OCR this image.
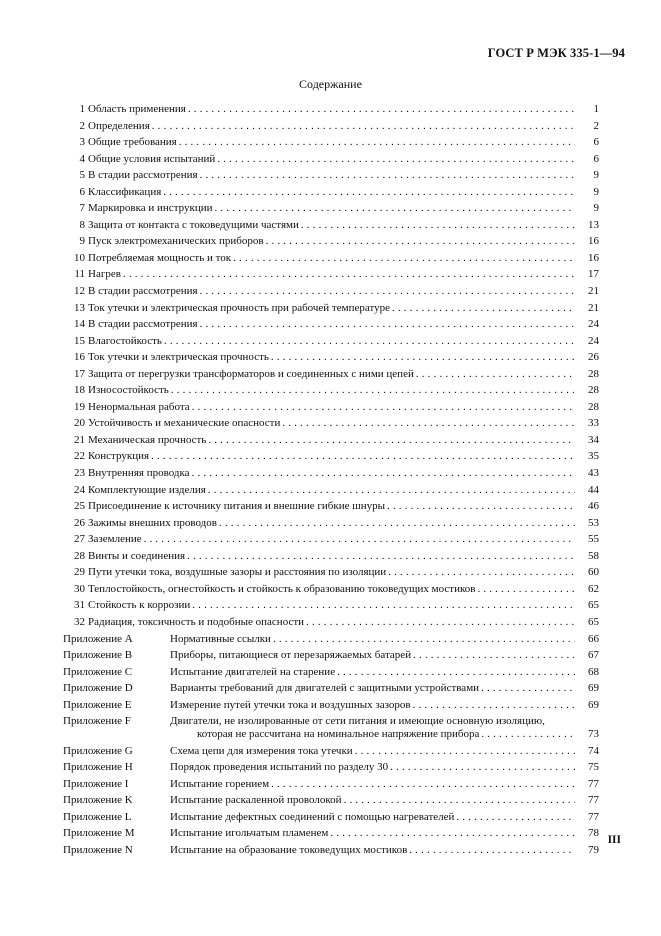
ГОСТ Р МЭК 335-1—94
Содержание
1 Область применения . . .	1
2 Определения . . .	2
3 Общие требования . . .	6
4 Общие условия испытаний . . .	6
5 В стадии рассмотрения . . .	9
6 Классификация . . .	9
7 Маркировка и инструкции . . .	9
8 Защита от контакта с токоведущими частями . . .	13
9 Пуск электромеханических приборов . . .	16
10 Потребляемая мощность и ток . . .	16
11 Нагрев . . .	17
12 В стадии рассмотрения . . .	21
13 Ток утечки и электрическая прочность при рабочей температуре . . .	21
14 В стадии рассмотрения . . .	24
15 Влагостойкость . . .	24
16 Ток утечки и электрическая прочность . . .	26
17 Защита от перегрузки трансформаторов и соединенных с ними цепей . . .	28
18 Износостойкость . . .	28
19 Ненормальная работа . . .	28
20 Устойчивость и механические опасности . . .	33
21 Механическая прочность . . .	34
22 Конструкция . . .	35
23 Внутренняя проводка . . .	43
24 Комплектующие изделия . . .	44
25 Присоединение к источнику питания и внешние гибкие шнуры . . .	46
26 Зажимы внешних проводов . . .	53
27 Заземление . . .	55
28 Винты и соединения . . .	58
29 Пути утечки тока, воздушные зазоры и расстояния по изоляции . . .	60
30 Теплостойкость, огнестойкость и стойкость к образованию токоведущих мостиков . . .	62
31 Стойкость к коррозии . . .	65
32 Радиация, токсичность и подобные опасности . . .	65
Приложение A	Нормативные ссылки . . .	66
Приложение B	Приборы, питающиеся от перезаряжаемых батарей . . .	67
Приложение C	Испытание двигателей на старение . . .	68
Приложение D	Варианты требований для двигателей с защитными устройствами . . .	69
Приложение E	Измерение путей утечки тока и воздушных зазоров . . .	69
Приложение F	Двигатели, не изолированные от сети питания и имеющие основную изоляцию,
которая не рассчитана на номинальное напряжение прибора . . .	73
Приложение G	Схема цепи для измерения тока утечки . . .	74
Приложение H	Порядок проведения испытаний по разделу 30 . . .	75
Приложение I	Испытание горением . . .	77
Приложение K	Испытание раскаленной проволокой . . .	77
Приложение L	Испытание дефектных соединений с помощью нагревателей . . .	77
Приложение M	Испытание игольчатым пламенем . . .	78
Приложение N	Испытание на образование токоведущих мостиков . . .	79
III
